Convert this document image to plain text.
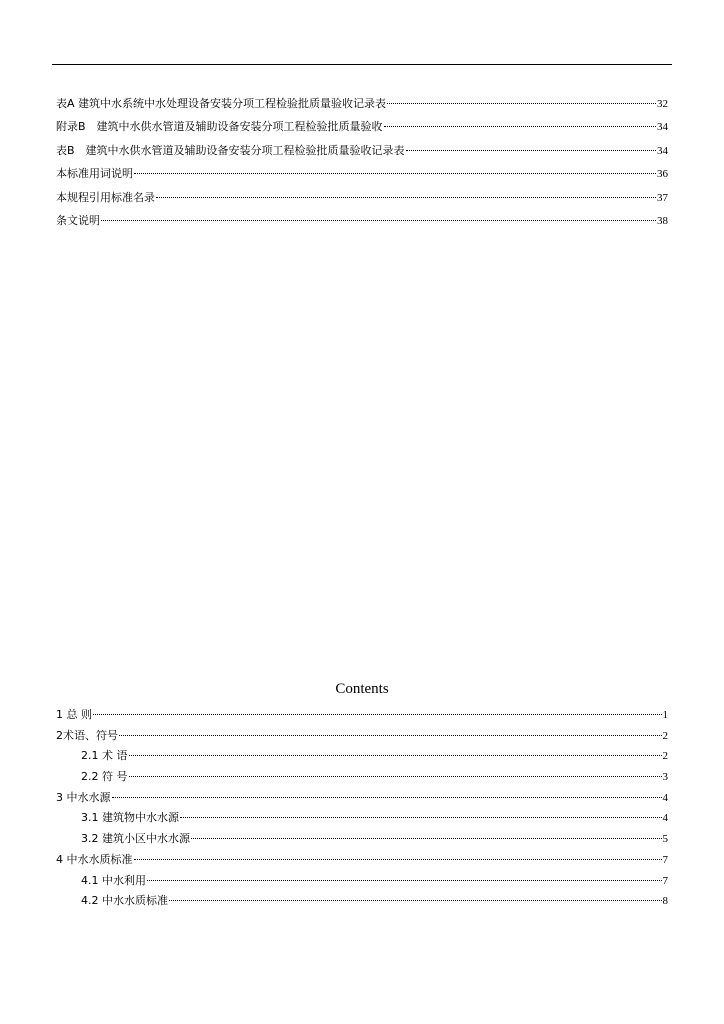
表A 建筑中水系统中水处理设备安装分项工程检验批质量验收记录表	32
附录B　建筑中水供水管道及辅助设备安装分项工程检验批质量验收	34
表B　建筑中水供水管道及辅助设备安装分项工程检验批质量验收记录表	34
本标准用词说明	36
本规程引用标准名录	37
条文说明	38
Contents
1 总 则	1
2术语、符号	2
2.1 术 语	2
2.2 符 号	3
3 中水水源	4
3.1 建筑物中水水源	4
3.2 建筑小区中水水源	5
4 中水水质标准	7
4.1 中水利用	7
4.2 中水水质标准	8
